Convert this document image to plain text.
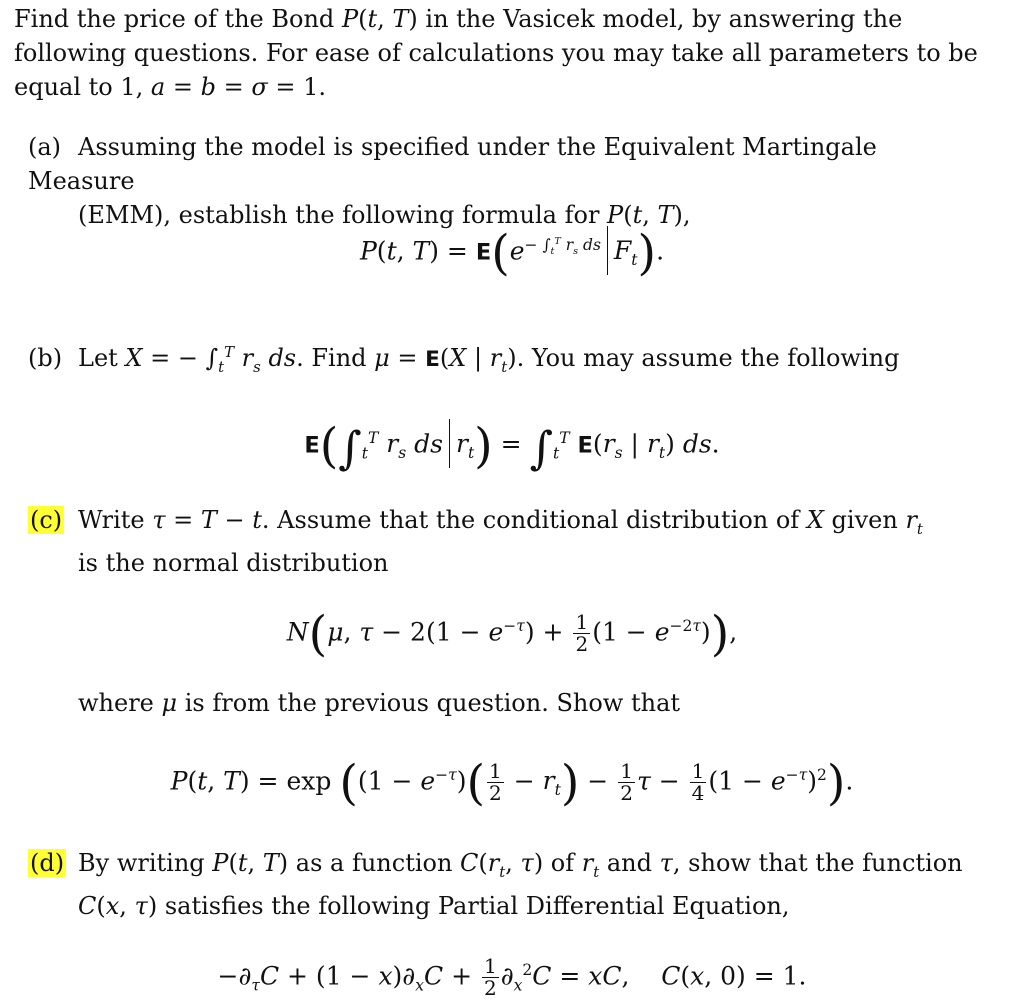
Find the price of the Bond P(t, T) in the Vasicek model, by answering the following questions. For ease of calculations you may take all parameters to be equal to 1, a = b = σ = 1.
(a) Assuming the model is specified under the Equivalent Martingale Measure
(EMM), establish the following formula for P(t, T),
P(t, $T) = E(e^{- \int_t^T r_s ds}$ $F_t$).
(b) Let X = − $\int_t^T$ $r_s$ ds. Find μ = E(X | $r_t$). You may assume the following
$E(\int_t^T$ $r_s$ ds $r_t) = \int_t^T$ $E(r_s$ | $r_t$) ds.
(c) Write τ = T − t. Assume that the conditional distribution of X given $r_t$
is the normal distribution
N(μ, $\tau - 2(1 - e^{-\tau}) + \frac{1}{2} (1 - e^{-2\tau})$),
where μ is from the previous question. Show that
P(t, $T) = \exp ((1 - e^{-\tau})( \frac{1}{2} - r_t) - \frac{1}{2}$ $\tau - \frac{1}{4} (1 - e^{-\tau})^2$).
(d) By writing P(t, T) as a function $C(r_t$, τ) of $r_t$ and τ, show that the function
C(x, τ) satisfies the following Partial Differential Equation,
$-\partial_\tau C + (1 - x)\partial_xC + \frac{1}{2} \partial_x^2C$ = xC,    C(x, 0) = 1.
